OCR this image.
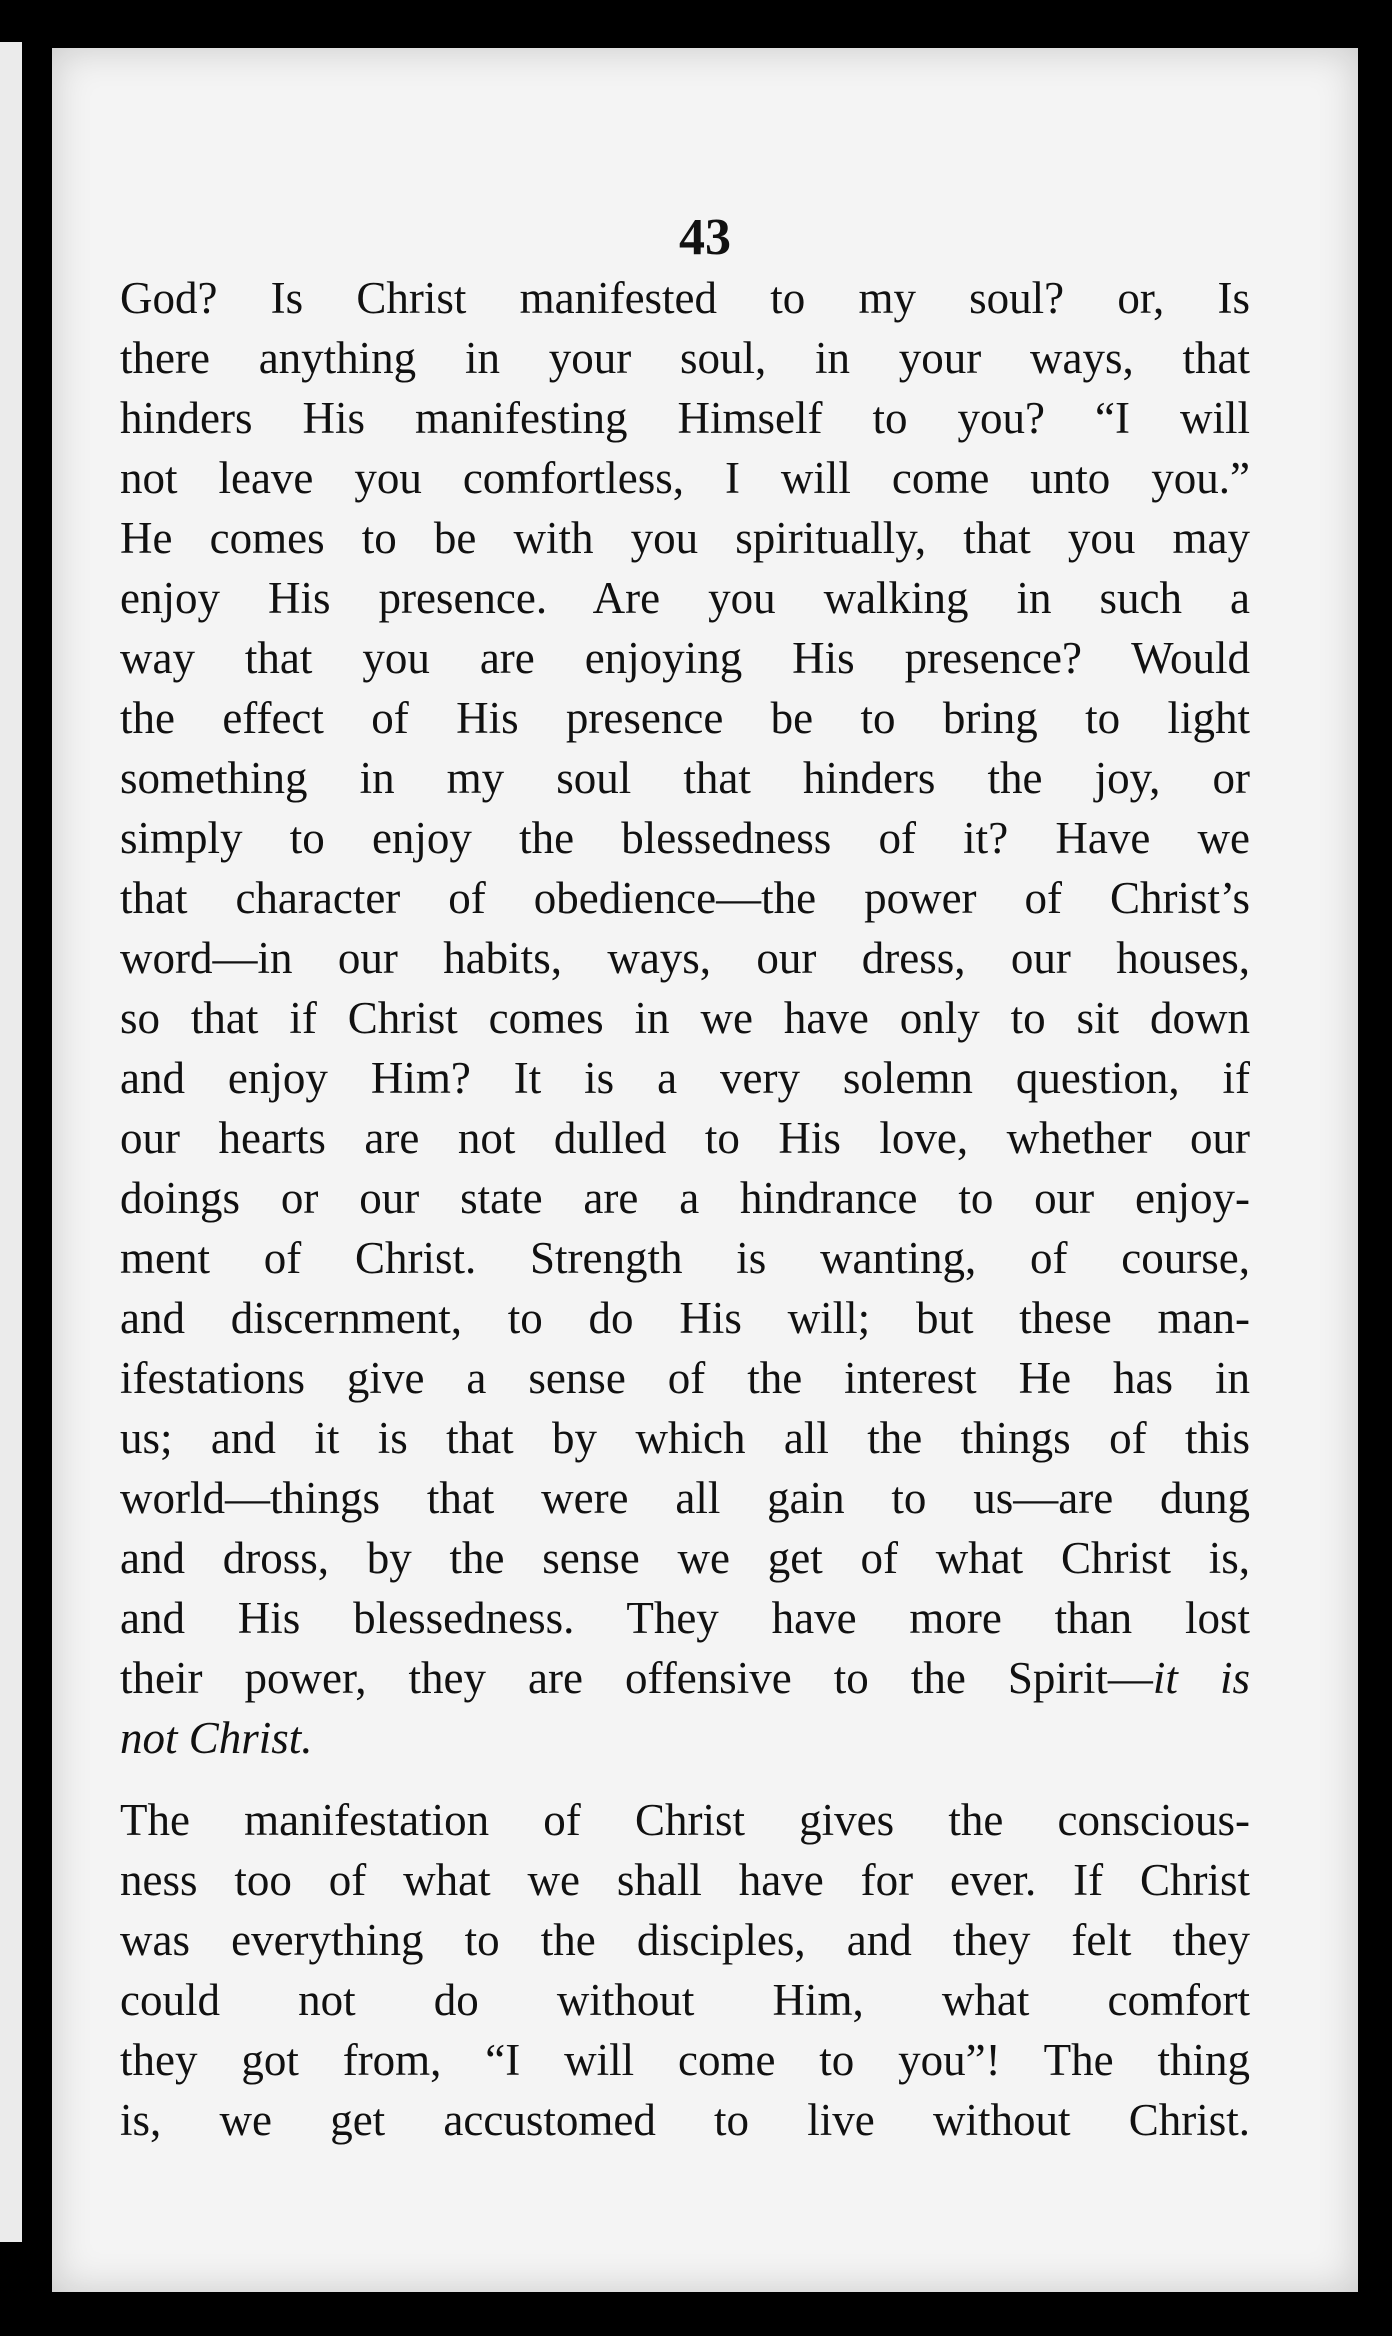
43
God? Is Christ manifested to my soul? or, Is
there anything in your soul, in your ways, that
hinders His manifesting Himself to you? “I will
not leave you comfortless, I will come unto you.”
He comes to be with you spiritually, that you may
enjoy His presence. Are you walking in such a
way that you are enjoying His presence? Would
the effect of His presence be to bring to light
something in my soul that hinders the joy, or
simply to enjoy the blessedness of it? Have we
that character of obedience—the power of Christ’s
word—in our habits, ways, our dress, our houses,
so that if Christ comes in we have only to sit down
and enjoy Him? It is a very solemn question, if
our hearts are not dulled to His love, whether our
doings or our state are a hindrance to our enjoy-
ment of Christ. Strength is wanting, of course,
and discernment, to do His will; but these man-
ifestations give a sense of the interest He has in
us; and it is that by which all the things of this
world—things that were all gain to us—are dung
and dross, by the sense we get of what Christ is,
and His blessedness. They have more than lost
their power, they are offensive to the Spirit—it is
not Christ.
The manifestation of Christ gives the conscious-
ness too of what we shall have for ever. If Christ
was everything to the disciples, and they felt they
could not do without Him, what comfort
they got from, “I will come to you”! The thing
is, we get accustomed to live without Christ.
